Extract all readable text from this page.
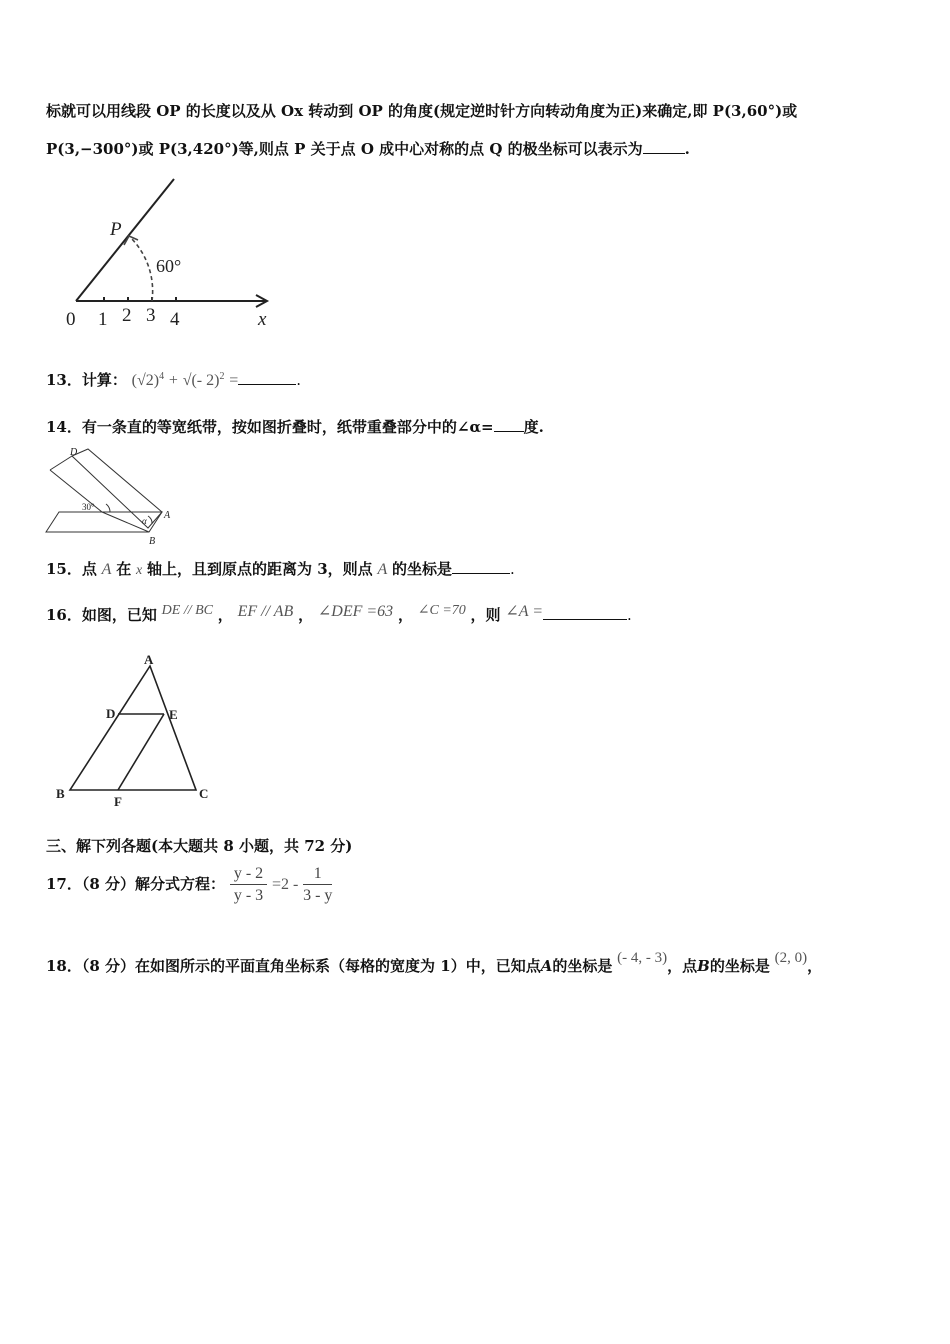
标就可以用线段 OP 的长度以及从 Ox 转动到 OP 的角度(规定逆时针方向转动角度为正)来确定,即 P(3,60°)或
P(3,−300°)或 P(3,420°)等,则点 P 关于点 O 成中心对称的点 Q 的极坐标可以表示为	.
P
60°
x
0 1 2 3 4
13．计算： $(√2)^4$ + √(- 2)$^2$ =	.
14．有一条直的等宽纸带，按如图折叠时，纸带重叠部分中的∠α= 度.
D
30°
α A
B
15．点 A 在 x 轴上，且到原点的距离为 3，则点 A 的坐标是	.
16．如图，已知 DE // BC ， EF // AB ， ∠DEF =63 ， ∠C =70 ，则 ∠A =	.
A
D	E
B
F
C
三、解下列各题(本大题共 8 小题，共 72 分)
17．（8 分）解分式方程： $\frac{y - 2}{y - 3} =2 - \frac{1}{3 - y}$
18．（8 分）在如图所示的平面直角坐标系（每格的宽度为 1）中，已知点A的坐标是 (- 4, - 3)，点B的坐标是 (2, 0)，
